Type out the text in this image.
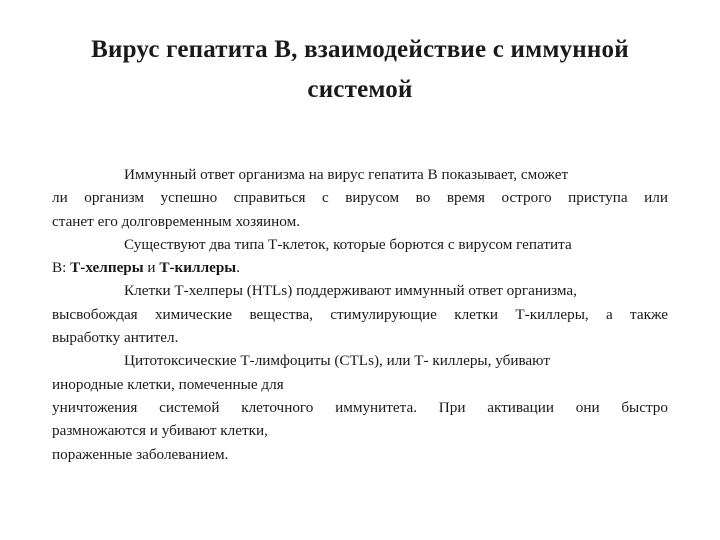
Вирус гепатита В, взаимодействие с иммунной
системой
Иммунный ответ организма на вирус гепатита В показывает, сможет
ли организм успешно справиться с вирусом во время острого приступа или
станет его долговременным хозяином.
Существуют два типа Т-клеток, которые борются с вирусом гепатита
В: Т-хелперы и Т-киллеры.
Клетки Т-хелперы (HTLs) поддерживают иммунный ответ организма,
высвобождая химические вещества, стимулирующие клетки Т-киллеры, а также
выработку антител.
Цитотоксические Т-лимфоциты (CTLs), или Т- киллеры, убивают
инородные клетки, помеченные для
уничтожения системой клеточного иммунитета. При активации они быстро
размножаются и убивают клетки,
пораженные заболеванием.
